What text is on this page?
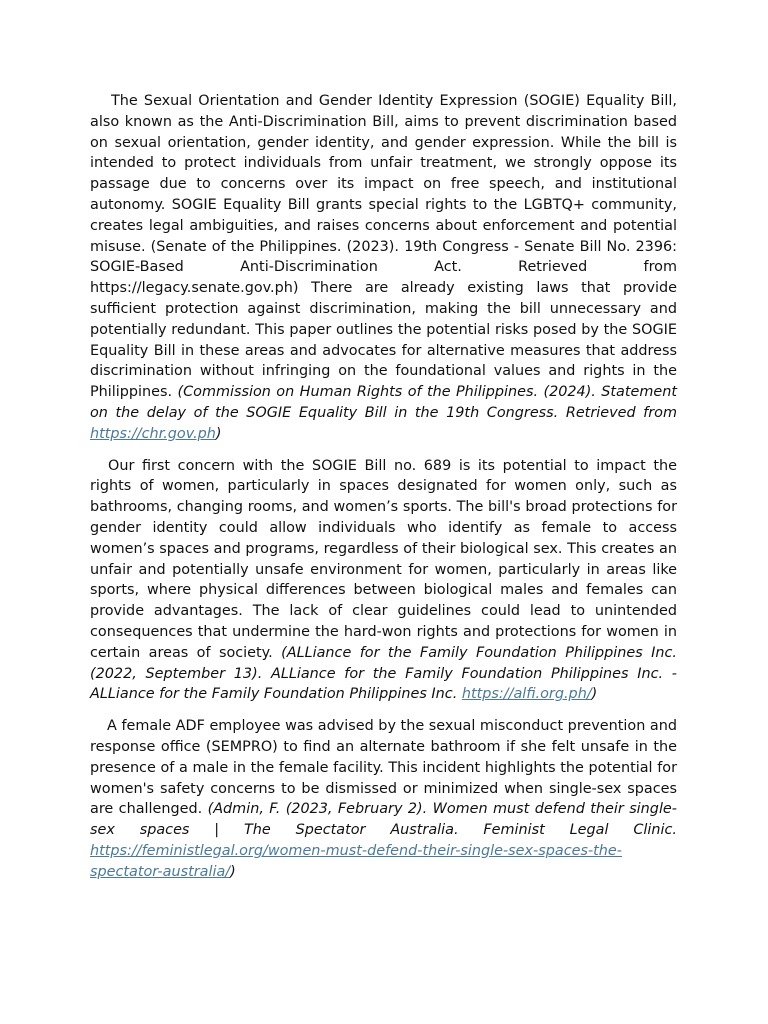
The Sexual Orientation and Gender Identity Expression (SOGIE) Equality Bill, also known as the Anti-Discrimination Bill, aims to prevent discrimination based on sexual orientation, gender identity, and gender expression. While the bill is intended to protect individuals from unfair treatment, we strongly oppose its passage due to concerns over its impact on free speech, and institutional autonomy. SOGIE Equality Bill grants special rights to the LGBTQ+ community, creates legal ambiguities, and raises concerns about enforcement and potential misuse. (Senate of the Philippines. (2023). 19th Congress - Senate Bill No. 2396: SOGIE-Based Anti-Discrimination Act. Retrieved from https://legacy.senate.gov.ph) There are already existing laws that provide sufficient protection against discrimination, making the bill unnecessary and potentially redundant. This paper outlines the potential risks posed by the SOGIE Equality Bill in these areas and advocates for alternative measures that address discrimination without infringing on the foundational values and rights in the Philippines. (Commission on Human Rights of the Philippines. (2024). Statement on the delay of the SOGIE Equality Bill in the 19th Congress. Retrieved from https://chr.gov.ph)

Our first concern with the SOGIE Bill no. 689 is its potential to impact the rights of women, particularly in spaces designated for women only, such as bathrooms, changing rooms, and women’s sports. The bill's broad protections for gender identity could allow individuals who identify as female to access women’s spaces and programs, regardless of their biological sex. This creates an unfair and potentially unsafe environment for women, particularly in areas like sports, where physical differences between biological males and females can provide advantages. The lack of clear guidelines could lead to unintended consequences that undermine the hard-won rights and protections for women in certain areas of society. (ALLiance for the Family Foundation Philippines Inc. (2022, September 13). ALLiance for the Family Foundation Philippines Inc. - ALLiance for the Family Foundation Philippines Inc. https://alfi.org.ph/)

A female ADF employee was advised by the sexual misconduct prevention and response office (SEMPRO) to find an alternate bathroom if she felt unsafe in the presence of a male in the female facility. This incident highlights the potential for women's safety concerns to be dismissed or minimized when single-sex spaces are challenged. (Admin, F. (2023, February 2). Women must defend their single-sex spaces | The Spectator Australia. Feminist Legal Clinic. https://feministlegal.org/women-must-defend-their-single-sex-spaces-the-spectator-australia/)
